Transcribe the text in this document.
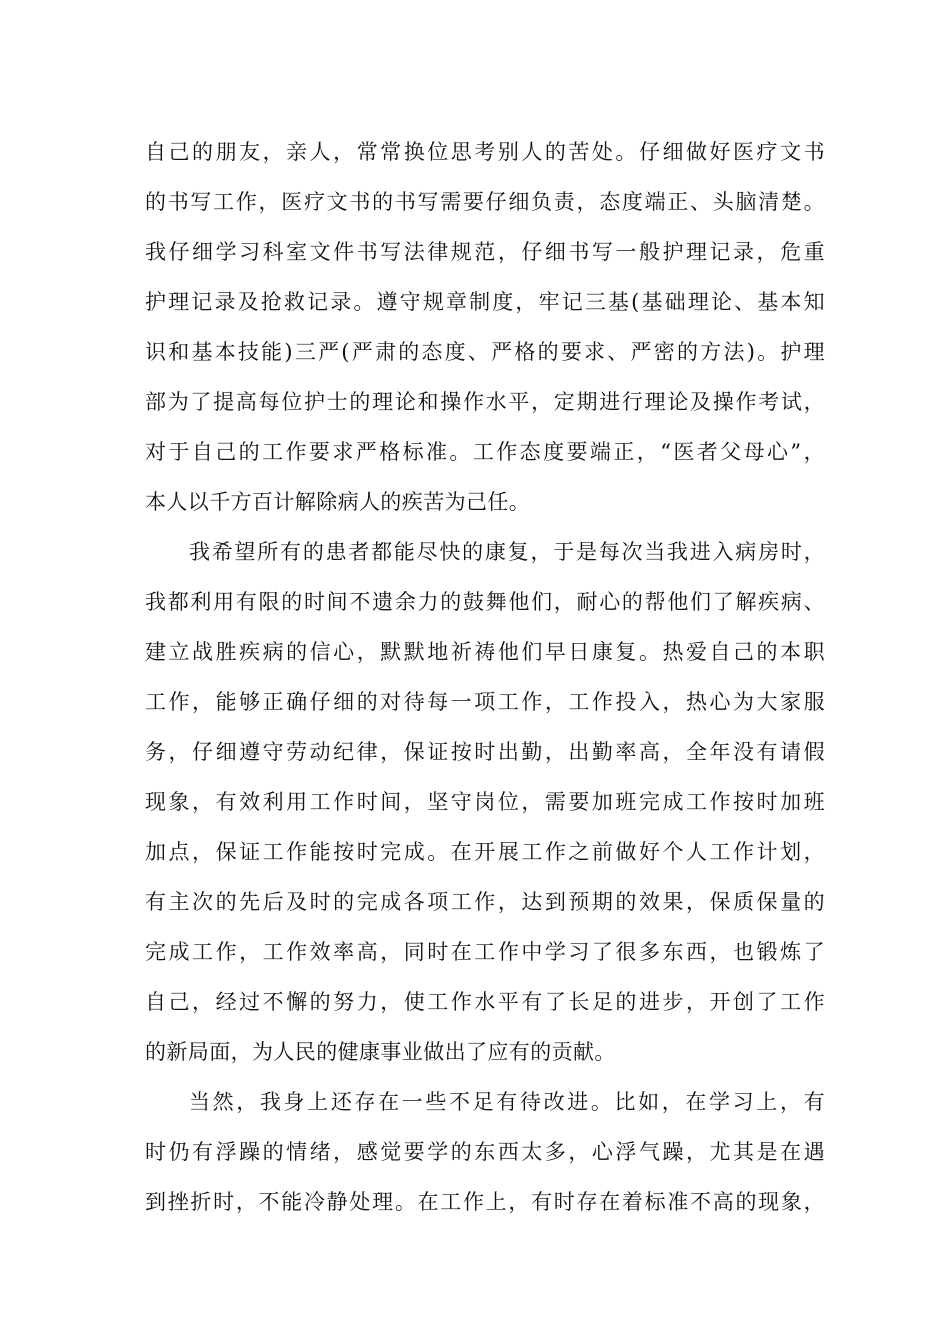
自己的朋友，亲人，常常换位思考别人的苦处。仔细做好医疗文书
的书写工作，医疗文书的书写需要仔细负责，态度端正、头脑清楚。
我仔细学习科室文件书写法律规范，仔细书写一般护理记录，危重
护理记录及抢救记录。遵守规章制度，牢记三基(基础理论、基本知
识和基本技能)三严(严肃的态度、严格的要求、严密的方法)。护理
部为了提高每位护士的理论和操作水平，定期进行理论及操作考试，
对于自己的工作要求严格标准。工作态度要端正，“医者父母心”，
本人以千方百计解除病人的疾苦为己任。
我希望所有的患者都能尽快的康复，于是每次当我进入病房时，
我都利用有限的时间不遗余力的鼓舞他们，耐心的帮他们了解疾病、
建立战胜疾病的信心，默默地祈祷他们早日康复。热爱自己的本职
工作，能够正确仔细的对待每一项工作，工作投入，热心为大家服
务，仔细遵守劳动纪律，保证按时出勤，出勤率高，全年没有请假
现象，有效利用工作时间，坚守岗位，需要加班完成工作按时加班
加点，保证工作能按时完成。在开展工作之前做好个人工作计划，
有主次的先后及时的完成各项工作，达到预期的效果，保质保量的
完成工作，工作效率高，同时在工作中学习了很多东西，也锻炼了
自己，经过不懈的努力，使工作水平有了长足的进步，开创了工作
的新局面，为人民的健康事业做出了应有的贡献。
当然，我身上还存在一些不足有待改进。比如，在学习上，有
时仍有浮躁的情绪，感觉要学的东西太多，心浮气躁，尤其是在遇
到挫折时，不能冷静处理。在工作上，有时存在着标准不高的现象，
